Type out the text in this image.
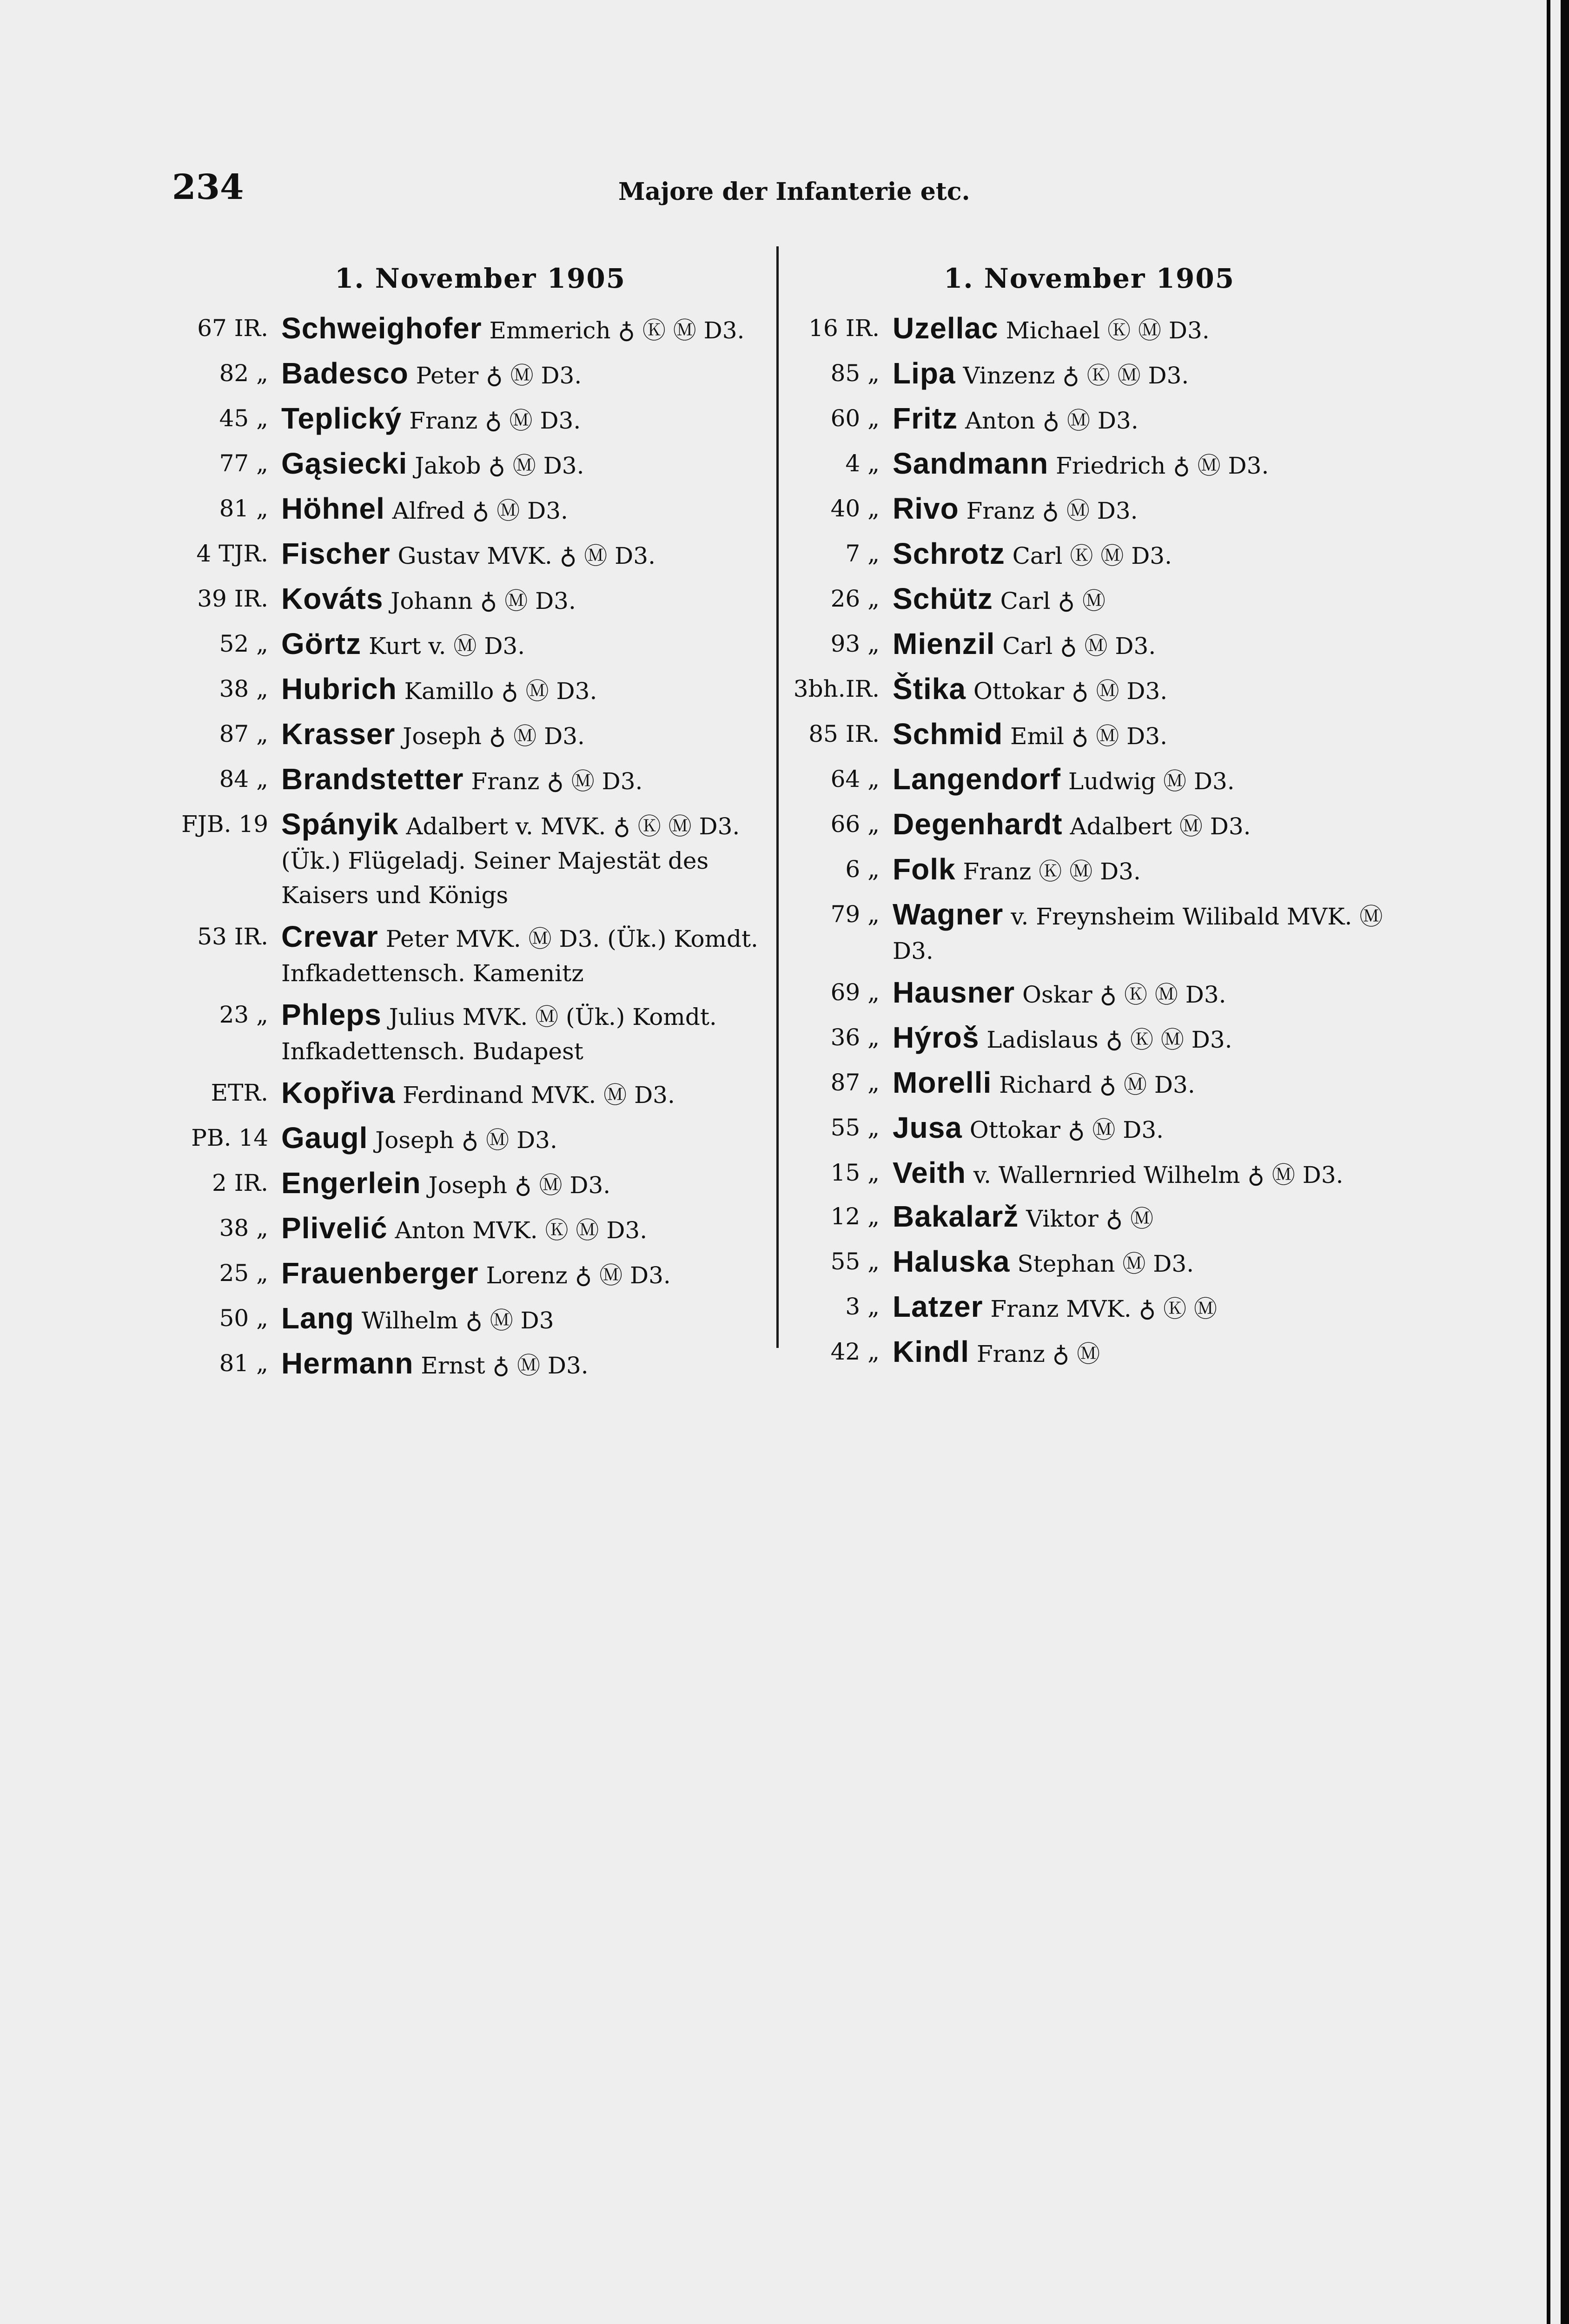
234	Majore der Infanterie etc.
1. November 1905	1. November 1905
67 IR. Schweighofer Emmerich ♁ Ⓚ Ⓜ D3.
82 „ Badesco Peter ♁ Ⓜ D3.
45 „ Teplický Franz ♁ Ⓜ D3.
77 „ Gąsiecki Jakob ♁ Ⓜ D3.
81 „ Höhnel Alfred ♁ Ⓜ D3.
4 TJR. Fischer Gustav MVK. ♁ Ⓜ D3.
39 IR. Kováts Johann ♁ Ⓜ D3.
52 „ Görtz Kurt v. Ⓜ D3.
38 „ Hubrich Kamillo ♁ Ⓜ D3.
87 „ Krasser Joseph ♁ Ⓜ D3.
84 „ Brandstetter Franz ♁ Ⓜ D3.
FJB. 19 Spányik Adalbert v. MVK. ♁ Ⓚ Ⓜ D3. (Ük.) Flügeladj. Seiner Majestät des Kaisers und Königs
53 IR. Crevar Peter MVK. Ⓜ D3. (Ük.) Komdt. Infkadettensch. Kamenitz
23 „ Phleps Julius MVK. Ⓜ (Ük.) Komdt. Infkadettensch. Budapest
ETR. Kopřiva Ferdinand MVK. Ⓜ D3.
PB. 14 Gaugl Joseph ♁ Ⓜ D3.
2 IR. Engerlein Joseph ♁ Ⓜ D3.
38 „ Plivelić Anton MVK. Ⓚ Ⓜ D3.
25 „ Frauenberger Lorenz ♁ Ⓜ D3.
50 „ Lang Wilhelm ♁ Ⓜ D3
81 „ Hermann Ernst ♁ Ⓜ D3.
16 IR. Uzellac Michael Ⓚ Ⓜ D3.
85 „ Lipa Vinzenz ♁ Ⓚ Ⓜ D3.
60 „ Fritz Anton ♁ Ⓜ D3.
4 „ Sandmann Friedrich ♁ Ⓜ D3.
40 „ Rivo Franz ♁ Ⓜ D3.
7 „ Schrotz Carl Ⓚ Ⓜ D3.
26 „ Schütz Carl ♁ Ⓜ
93 „ Mienzil Carl ♁ Ⓜ D3.
3bh.IR. Štika Ottokar ♁ Ⓜ D3.
85 IR. Schmid Emil ♁ Ⓜ D3.
64 „ Langendorf Ludwig Ⓜ D3.
66 „ Degenhardt Adalbert Ⓜ D3.
6 „ Folk Franz Ⓚ Ⓜ D3.
79 „ Wagner v. Freynsheim Wilibald MVK. Ⓜ D3.
69 „ Hausner Oskar ♁ Ⓚ Ⓜ D3.
36 „ Hýroš Ladislaus ♁ Ⓚ Ⓜ D3.
87 „ Morelli Richard ♁ Ⓜ D3.
55 „ Jusa Ottokar ♁ Ⓜ D3.
15 „ Veith v. Wallernried Wilhelm ♁ Ⓜ D3.
12 „ Bakalarž Viktor ♁ Ⓜ
55 „ Haluska Stephan Ⓜ D3.
3 „ Latzer Franz MVK. ♁ Ⓚ Ⓜ
42 „ Kindl Franz ♁ Ⓜ
